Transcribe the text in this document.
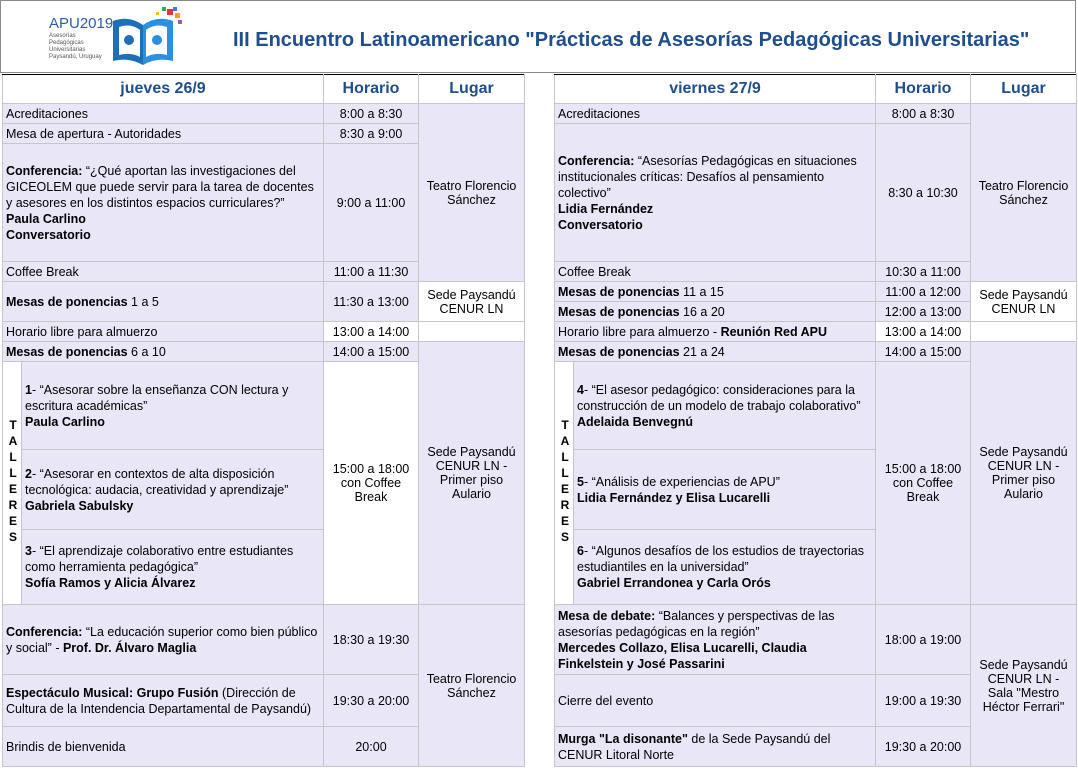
APU2019
Asesorías Pedagógicas Universitarias Paysandú, Uruguay
III Encuentro Latinoamericano "Prácticas de Asesorías Pedagógicas Universitarias"
jueves 26/9		Horario	Lugar
Acreditaciones		8:00 a 8:30	Teatro Florencio Sánchez
Mesa de apertura - Autoridades		8:30 a 9:00	
Conferencia: “¿Qué aportan las investigaciones del GICEOLEM que puede servir para la tarea de docentes y asesores en los distintos espacios curriculares?”
Paula Carlino
Conversatorio		9:00 a 11:00	
Coffee Break		11:00 a 11:30	
Mesas de ponencias 1 a 5		11:30 a 13:00	Sede Paysandú CENUR LN
Horario libre para almuerzo		13:00 a 14:00	
Mesas de ponencias 6 a 10		14:00 a 15:00	Sede Paysandú CENUR LN - Primer piso Aulario
TALLERES	1- “Asesorar sobre la enseñanza CON lectura y escritura académicas”
Paula Carlino	15:00 a 18:00 con Coffee Break	
	2- “Asesorar en contextos de alta disposición tecnológica: audacia, creatividad y aprendizaje”
Gabriela Sabulsky		
	3- “El aprendizaje colaborativo entre estudiantes como herramienta pedagógica”
Sofía Ramos y Alicia Álvarez		
Conferencia: “La educación superior como bien público y social” - Prof. Dr. Álvaro Maglia		18:30 a 19:30	Teatro Florencio Sánchez
Espectáculo Musical: Grupo Fusión (Dirección de Cultura de la Intendencia Departamental de Paysandú)		19:30 a 20:00	
Brindis de bienvenida		20:00	
viernes 27/9		Horario	Lugar
Acreditaciones		8:00 a 8:30	Teatro Florencio Sánchez
Conferencia: “Asesorías Pedagógicas en situaciones institucionales críticas: Desafíos al pensamiento colectivo”
Lidia Fernández
Conversatorio		8:30 a 10:30	
Coffee Break		10:30 a 11:00	
Mesas de ponencias 11 a 15		11:00 a 12:00	Sede Paysandú CENUR LN
Mesas de ponencias 16 a 20		12:00 a 13:00	
Horario libre para almuerzo - Reunión Red APU		13:00 a 14:00	
Mesas de ponencias 21 a 24		14:00 a 15:00	Sede Paysandú CENUR LN - Primer piso Aulario
TALLERES	4- “El asesor pedagógico: consideraciones para la construcción de un modelo de trabajo colaborativo”
Adelaida Benvegnú	15:00 a 18:00 con Coffee Break	
	5- “Análisis de experiencias de APU”
Lidia Fernández y Elisa Lucarelli		
	6- “Algunos desafíos de los estudios de trayectorias estudiantiles en la universidad”
Gabriel Errandonea y Carla Orós		
Mesa de debate: “Balances y perspectivas de las asesorías pedagógicas en la región”
Mercedes Collazo, Elisa Lucarelli, Claudia Finkelstein y José Passarini		18:00 a 19:00	Sede Paysandú CENUR LN - Sala "Mestro Héctor Ferrari"
Cierre del evento		19:00 a 19:30	
Murga "La disonante" de la Sede Paysandú del CENUR Litoral Norte		19:30 a 20:00	
